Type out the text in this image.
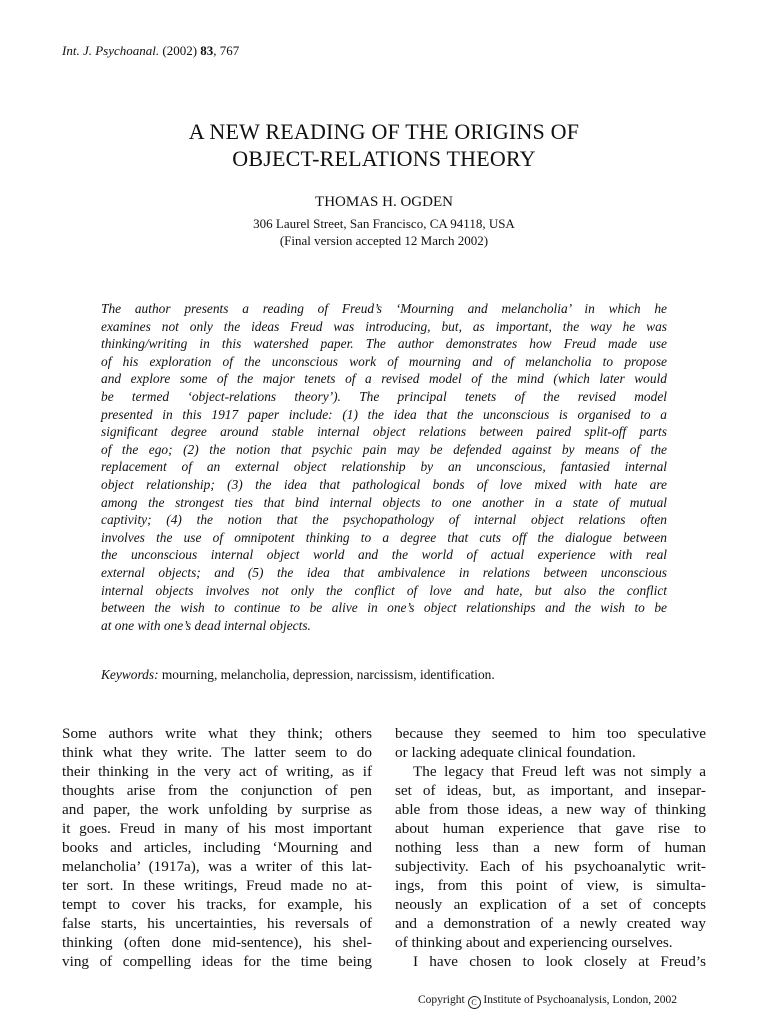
Int. J. Psychoanal. (2002) 83, 767
A NEW READING OF THE ORIGINS OF
OBJECT-RELATIONS THEORY
THOMAS H. OGDEN
306 Laurel Street, San Francisco, CA 94118, USA
(Final version accepted 12 March 2002)
The author presents a reading of Freud’s ‘Mourning and melancholia’ in which he
examines not only the ideas Freud was introducing, but, as important, the way he was
thinking/writing in this watershed paper. The author demonstrates how Freud made use
of his exploration of the unconscious work of mourning and of melancholia to propose
and explore some of the major tenets of a revised model of the mind (which later would
be termed ‘object-relations theory’). The principal tenets of the revised model
presented in this 1917 paper include: (1) the idea that the unconscious is organised to a
significant degree around stable internal object relations between paired split-off parts
of the ego; (2) the notion that psychic pain may be defended against by means of the
replacement of an external object relationship by an unconscious, fantasied internal
object relationship; (3) the idea that pathological bonds of love mixed with hate are
among the strongest ties that bind internal objects to one another in a state of mutual
captivity; (4) the notion that the psychopathology of internal object relations often
involves the use of omnipotent thinking to a degree that cuts off the dialogue between
the unconscious internal object world and the world of actual experience with real
external objects; and (5) the idea that ambivalence in relations between unconscious
internal objects involves not only the conflict of love and hate, but also the conflict
between the wish to continue to be alive in one’s object relationships and the wish to be
at one with one’s dead internal objects.
Keywords: mourning, melancholia, depression, narcissism, identification.
Some authors write what they think; others
think what they write. The latter seem to do
their thinking in the very act of writing, as if
thoughts arise from the conjunction of pen
and paper, the work unfolding by surprise as
it goes. Freud in many of his most important
books and articles, including ‘Mourning and
melancholia’ (1917a), was a writer of this lat-
ter sort. In these writings, Freud made no at-
tempt to cover his tracks, for example, his
false starts, his uncertainties, his reversals of
thinking (often done mid-sentence), his shel-
ving of compelling ideas for the time being
because they seemed to him too speculative
or lacking adequate clinical foundation.
The legacy that Freud left was not simply a
set of ideas, but, as important, and insepar-
able from those ideas, a new way of thinking
about human experience that gave rise to
nothing less than a new form of human
subjectivity. Each of his psychoanalytic writ-
ings, from this point of view, is simulta-
neously an explication of a set of concepts
and a demonstration of a newly created way
of thinking about and experiencing ourselves.
I have chosen to look closely at Freud’s
Copyright C Institute of Psychoanalysis, London, 2002
